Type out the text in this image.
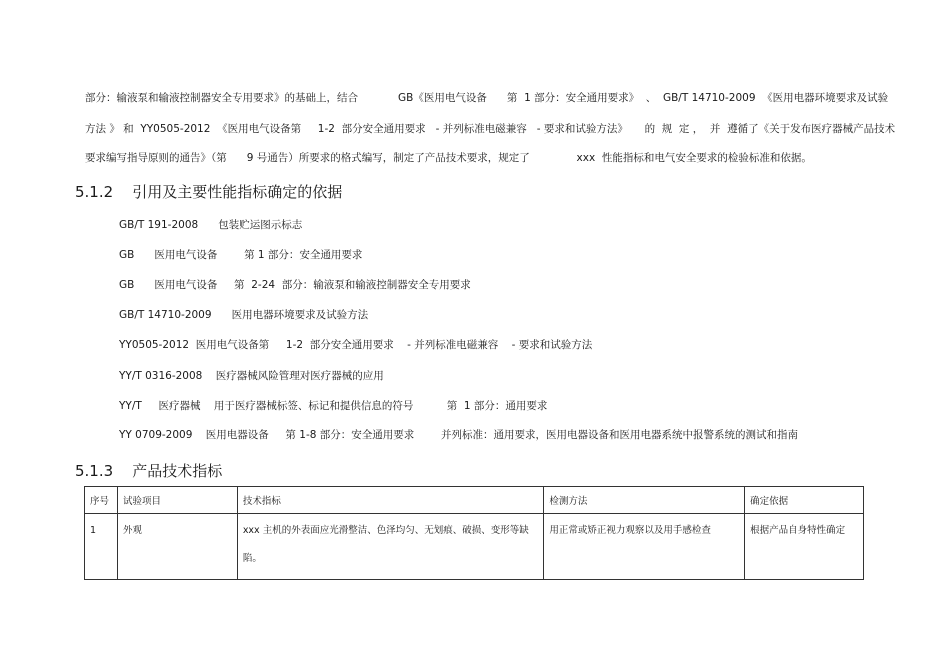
部分：输液泵和输液控制器安全专用要求》的基础上，结合            GB《医用电气设备      第  1 部分：安全通用要求》  、  GB/T 14710-2009  《医用电器环境要求及试验
方法 》 和  YY0505-2012  《医用电气设备第     1-2  部分安全通用要求   - 并列标准电磁兼容   - 要求和试验方法》     的  规  定 ，  并  遵循了《关于发布医疗器械产品技术
要求编写指导原则的通告》（第      9 号通告）所要求的格式编写，制定了产品技术要求，规定了              xxx  性能指标和电气安全要求的检验标准和依据。
5.1.2 引用及主要性能指标确定的依据
GB/T 191-2008      包装贮运图示标志
GB      医用电气设备        第 1 部分：安全通用要求
GB      医用电气设备     第  2-24  部分：输液泵和输液控制器安全专用要求
GB/T 14710-2009      医用电器环境要求及试验方法
YY0505-2012  医用电气设备第     1-2  部分安全通用要求    - 并列标准电磁兼容    - 要求和试验方法
YY/T 0316-2008    医疗器械风险管理对医疗器械的应用
YY/T     医疗器械    用于医疗器械标签、标记和提供信息的符号          第  1 部分：通用要求
YY 0709-2009    医用电器设备     第 1-8 部分：安全通用要求        并列标准：通用要求，医用电器设备和医用电器系统中报警系统的测试和指南
5.1.3 产品技术指标
序号	试验项目	技术指标	检测方法	确定依据
1	外观	xxx 主机的外表面应光滑整洁、色泽均匀、无划痕、破损、变形等缺陷。	用正常或矫正视力观察以及用手感检查	根据产品自身特性确定
